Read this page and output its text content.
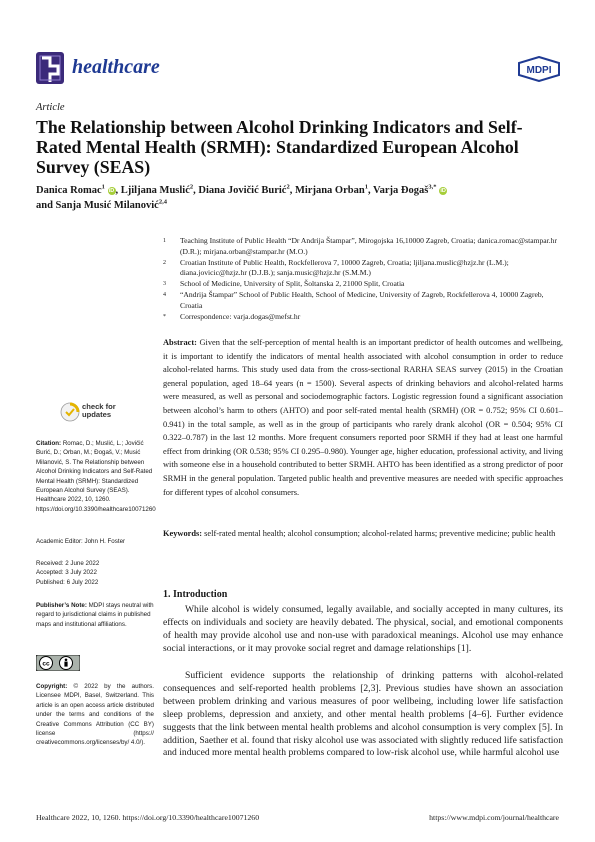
healthcare	MDPI
Article
The Relationship between Alcohol Drinking Indicators and Self-Rated Mental Health (SRMH): Standardized European Alcohol Survey (SEAS)
Danica Romac$^1$ iD, Ljiljana Muslić$^2$, Diana Jovičić Burić$^2$, Mirjana Orban$^1$, Varja Đogaš$^{3,*}$ iD
and Sanja Musić Milanović$^{2,4}$
1 Teaching Institute of Public Health “Dr Andrija Štampar”, Mirogojska 16,10000 Zagreb, Croatia; danica.romac@stampar.hr (D.R.); mirjana.orban@stampar.hr (M.O.)
2 Croatian Institute of Public Health, Rockfellerova 7, 10000 Zagreb, Croatia; ljiljana.muslic@hzjz.hr (L.M.); diana.jovicic@hzjz.hr (D.J.B.); sanja.music@hzjz.hr (S.M.M.)
3 School of Medicine, University of Split, Šoltanska 2, 21000 Split, Croatia
4 “Andrija Štampar” School of Public Health, School of Medicine, University of Zagreb, Rockfellerova 4, 10000 Zagreb, Croatia
* Correspondence: varja.dogas@mefst.hr
Abstract: Given that the self-perception of mental health is an important predictor of health outcomes and wellbeing, it is important to identify the indicators of mental health associated with alcohol consumption in order to reduce alcohol-related harms. This study used data from the cross-sectional RARHA SEAS survey (2015) in the Croatian general population, aged 18–64 years (n = 1500). Several aspects of drinking behaviors and alcohol-related harms were measured, as well as personal and sociodemographic factors. Logistic regression found a significant association between alcohol’s harm to others (AHTO) and poor self-rated mental health (SRMH) (OR = 0.752; 95% CI 0.601–0.941) in the total sample, as well as in the group of participants who rarely drank alcohol (OR = 0.504; 95% CI 0.322–0.787) in the last 12 months. More frequent consumers reported poor SRMH if they had at least one harmful effect from drinking (OR 0.538; 95% CI 0.295–0.980). Younger age, higher education, professional activity, and living with someone else in a household contributed to better SRMH. AHTO has been identified as a strong predictor of poor SRMH in the general population. Targeted public health and preventive measures are needed with specific approaches for different types of alcohol consumers.
Keywords: self-rated mental health; alcohol consumption; alcohol-related harms; preventive medicine; public health
check for
updates
Citation: Romac, D.; Muslić, L.; Jovičić Burić, D.; Orban, M.; Đogaš, V.; Musić Milanović, S. The Relationship between Alcohol Drinking Indicators and Self-Rated Mental Health (SRMH): Standardized European Alcohol Survey (SEAS). Healthcare 2022, 10, 1260. https://doi.org/10.3390/healthcare10071260
Academic Editor: John H. Foster
Received: 2 June 2022
Accepted: 3 July 2022
Published: 6 July 2022
Publisher’s Note: MDPI stays neutral with regard to jurisdictional claims in published maps and institutional affiliations.
cc
Copyright: © 2022 by the authors. Licensee MDPI, Basel, Switzerland. This article is an open access article distributed under the terms and conditions of the Creative Commons Attribution (CC BY) license (https:// creativecommons.org/licenses/by/ 4.0/).
1. Introduction
While alcohol is widely consumed, legally available, and socially accepted in many cultures, its effects on individuals and society are heavily debated. The physical, social, and emotional components of health may provide alcohol use and non-use with paradoxical meanings. Alcohol use may enhance social interactions, or it may provoke social regret and damage relationships [1].
Sufficient evidence supports the relationship of drinking patterns with alcohol-related consequences and self-reported health problems [2,3]. Previous studies have shown an association between problem drinking and various measures of poor wellbeing, including lower life satisfaction sleep problems, depression and anxiety, and other mental health problems [4–6]. Further evidence suggests that the link between mental health problems and alcohol consumption is very complex [5]. In addition, Saether et al. found that risky alcohol use was associated with slightly reduced life satisfaction and induced more mental health problems compared to low-risk alcohol use, while harmful alcohol use
Healthcare 2022, 10, 1260. https://doi.org/10.3390/healthcare10071260	https://www.mdpi.com/journal/healthcare
